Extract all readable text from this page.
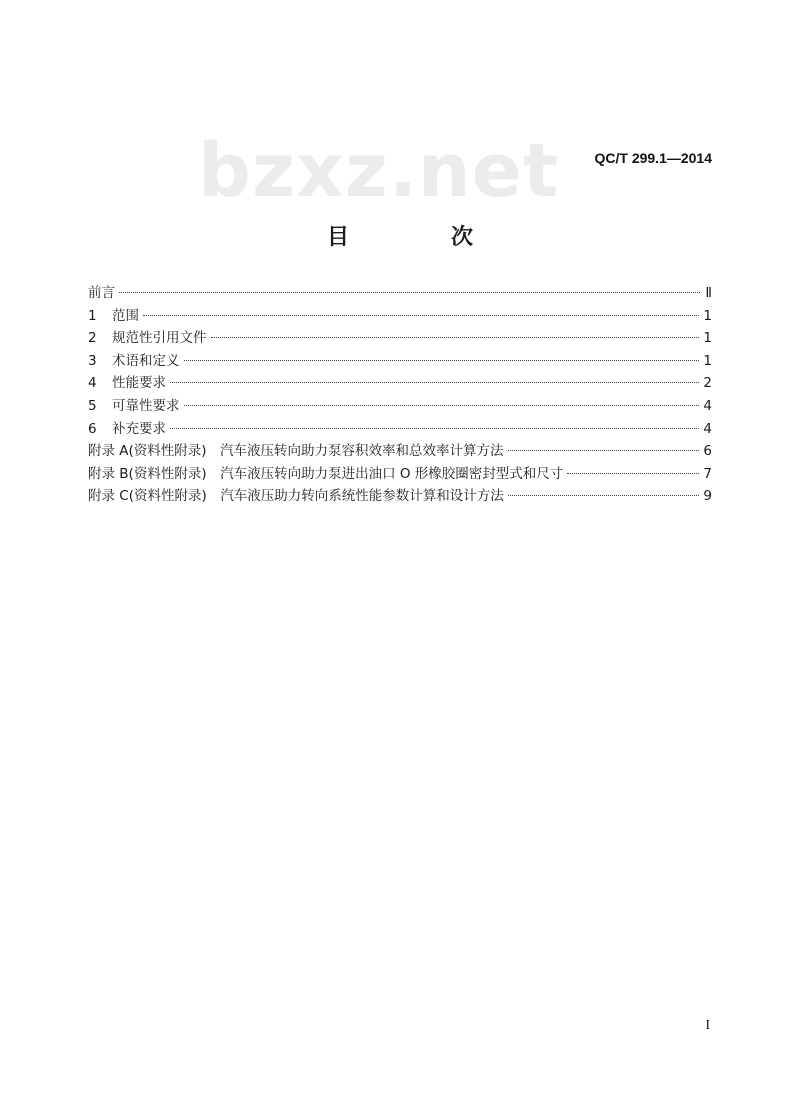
bzxz.net	QC/T 299.1—2014
目　次
前言	Ⅱ
1	范围	1
2	规范性引用文件	1
3	术语和定义	1
4	性能要求	2
5	可靠性要求	4
6	补充要求	4
附录 A(资料性附录)　汽车液压转向助力泵容积效率和总效率计算方法	6
附录 B(资料性附录)　汽车液压转向助力泵进出油口 O 形橡胶圈密封型式和尺寸	7
附录 C(资料性附录)　汽车液压助力转向系统性能参数计算和设计方法	9
I
